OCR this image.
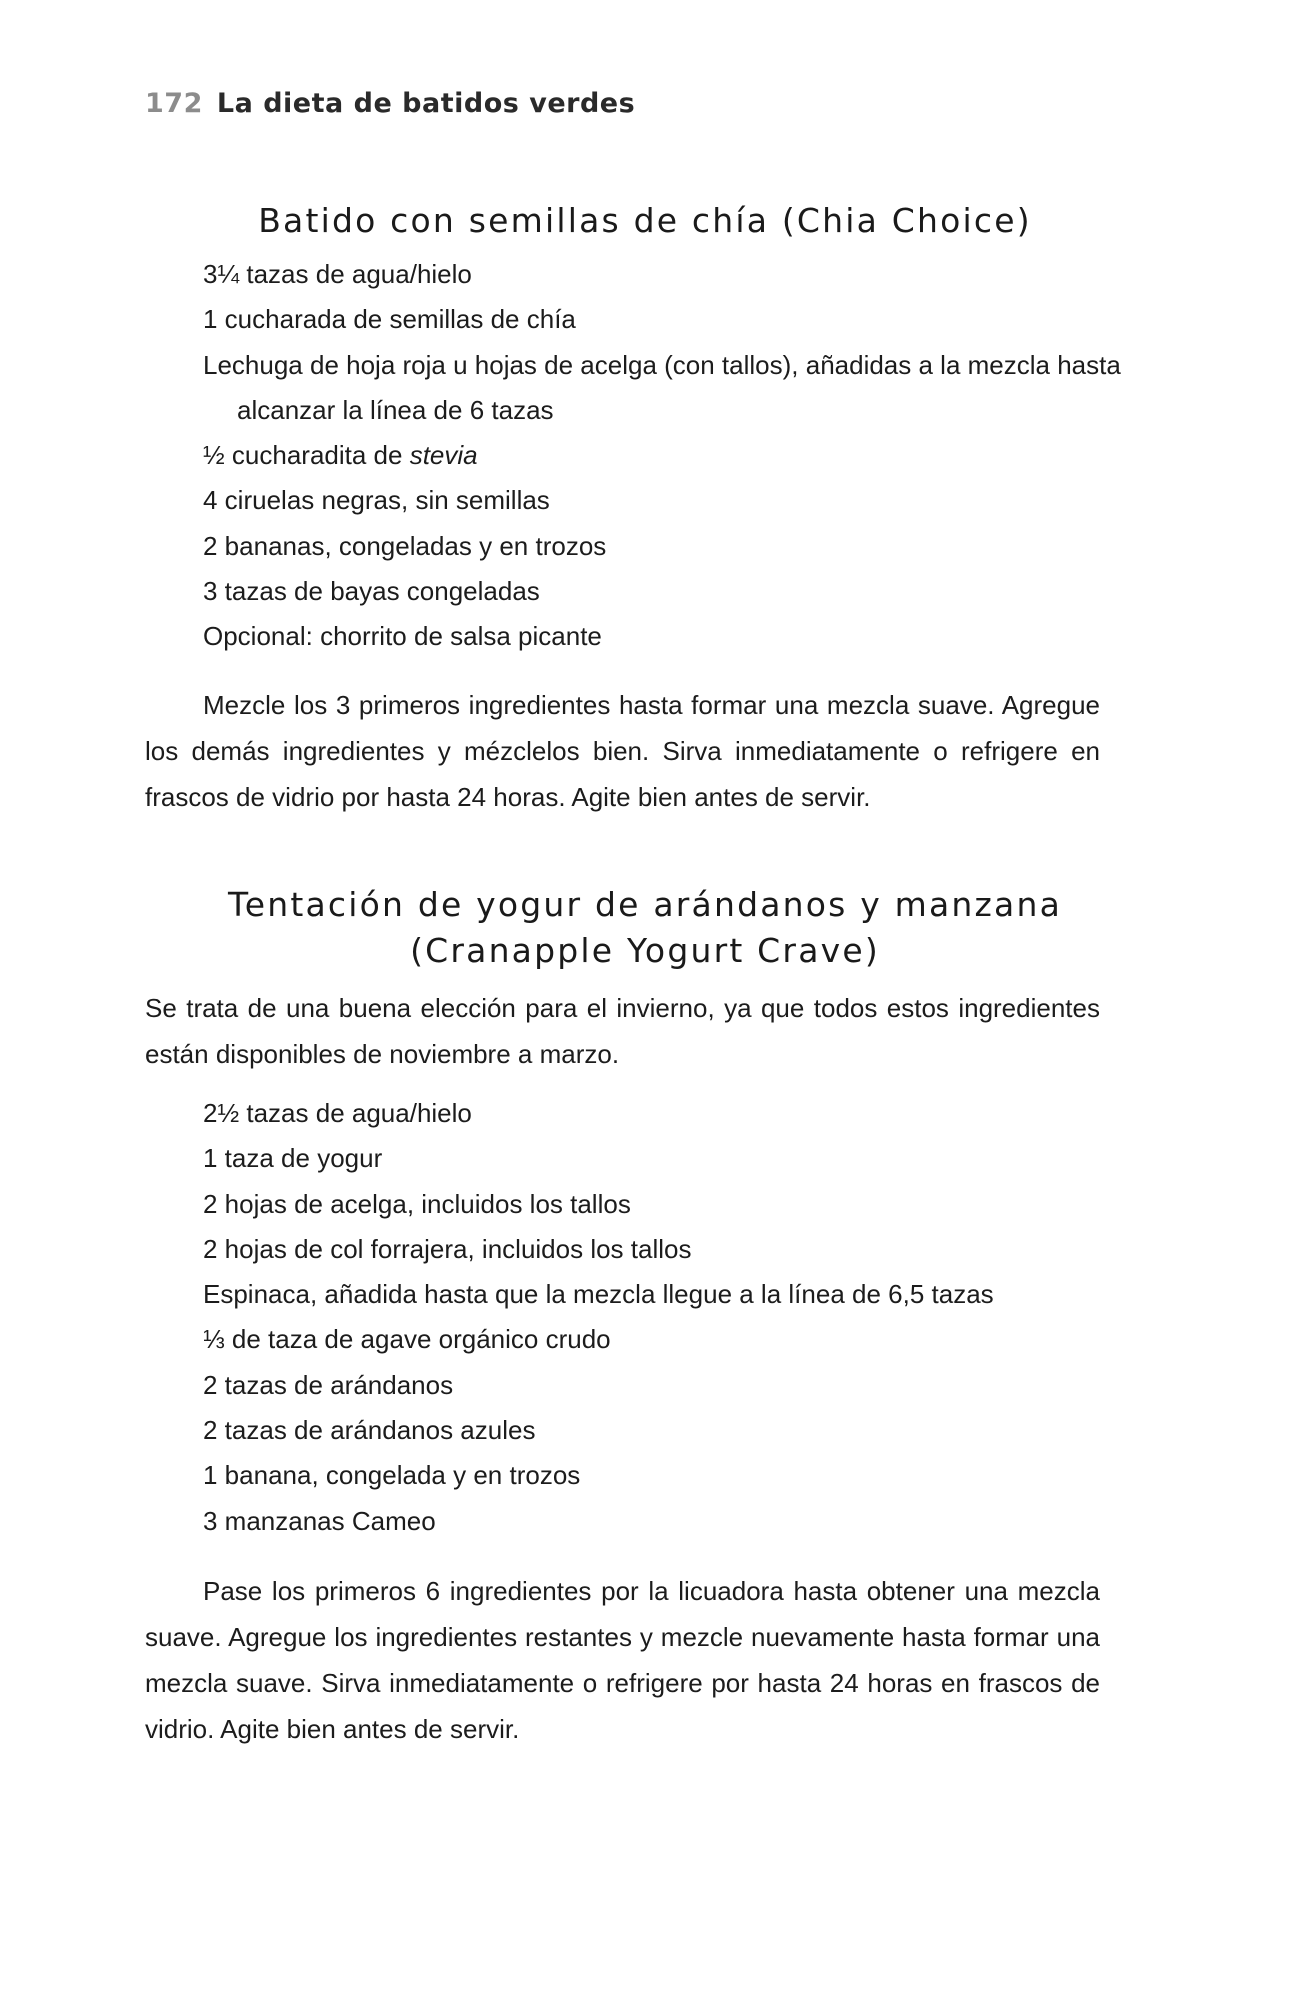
172 La dieta de batidos verdes
Batido con semillas de chía (Chia Choice)
3¼ tazas de agua/hielo
1 cucharada de semillas de chía
Lechuga de hoja roja u hojas de acelga (con tallos), añadidas a la mezcla hasta alcanzar la línea de 6 tazas
½ cucharadita de stevia
4 ciruelas negras, sin semillas
2 bananas, congeladas y en trozos
3 tazas de bayas congeladas
Opcional: chorrito de salsa picante

Mezcle los 3 primeros ingredientes hasta formar una mezcla suave. Agregue los demás ingredientes y mézclelos bien. Sirva inmediatamente o refrigere en frascos de vidrio por hasta 24 horas. Agite bien antes de servir.

Tentación de yogur de arándanos y manzana
(Cranapple Yogurt Crave)

Se trata de una buena elección para el invierno, ya que todos estos ingredientes están disponibles de noviembre a marzo.

2½ tazas de agua/hielo
1 taza de yogur
2 hojas de acelga, incluidos los tallos
2 hojas de col forrajera, incluidos los tallos
Espinaca, añadida hasta que la mezcla llegue a la línea de 6,5 tazas
⅓ de taza de agave orgánico crudo
2 tazas de arándanos
2 tazas de arándanos azules
1 banana, congelada y en trozos
3 manzanas Cameo

Pase los primeros 6 ingredientes por la licuadora hasta obtener una mezcla suave. Agregue los ingredientes restantes y mezcle nuevamente hasta formar una mezcla suave. Sirva inmediatamente o refrigere por hasta 24 horas en frascos de vidrio. Agite bien antes de servir.
